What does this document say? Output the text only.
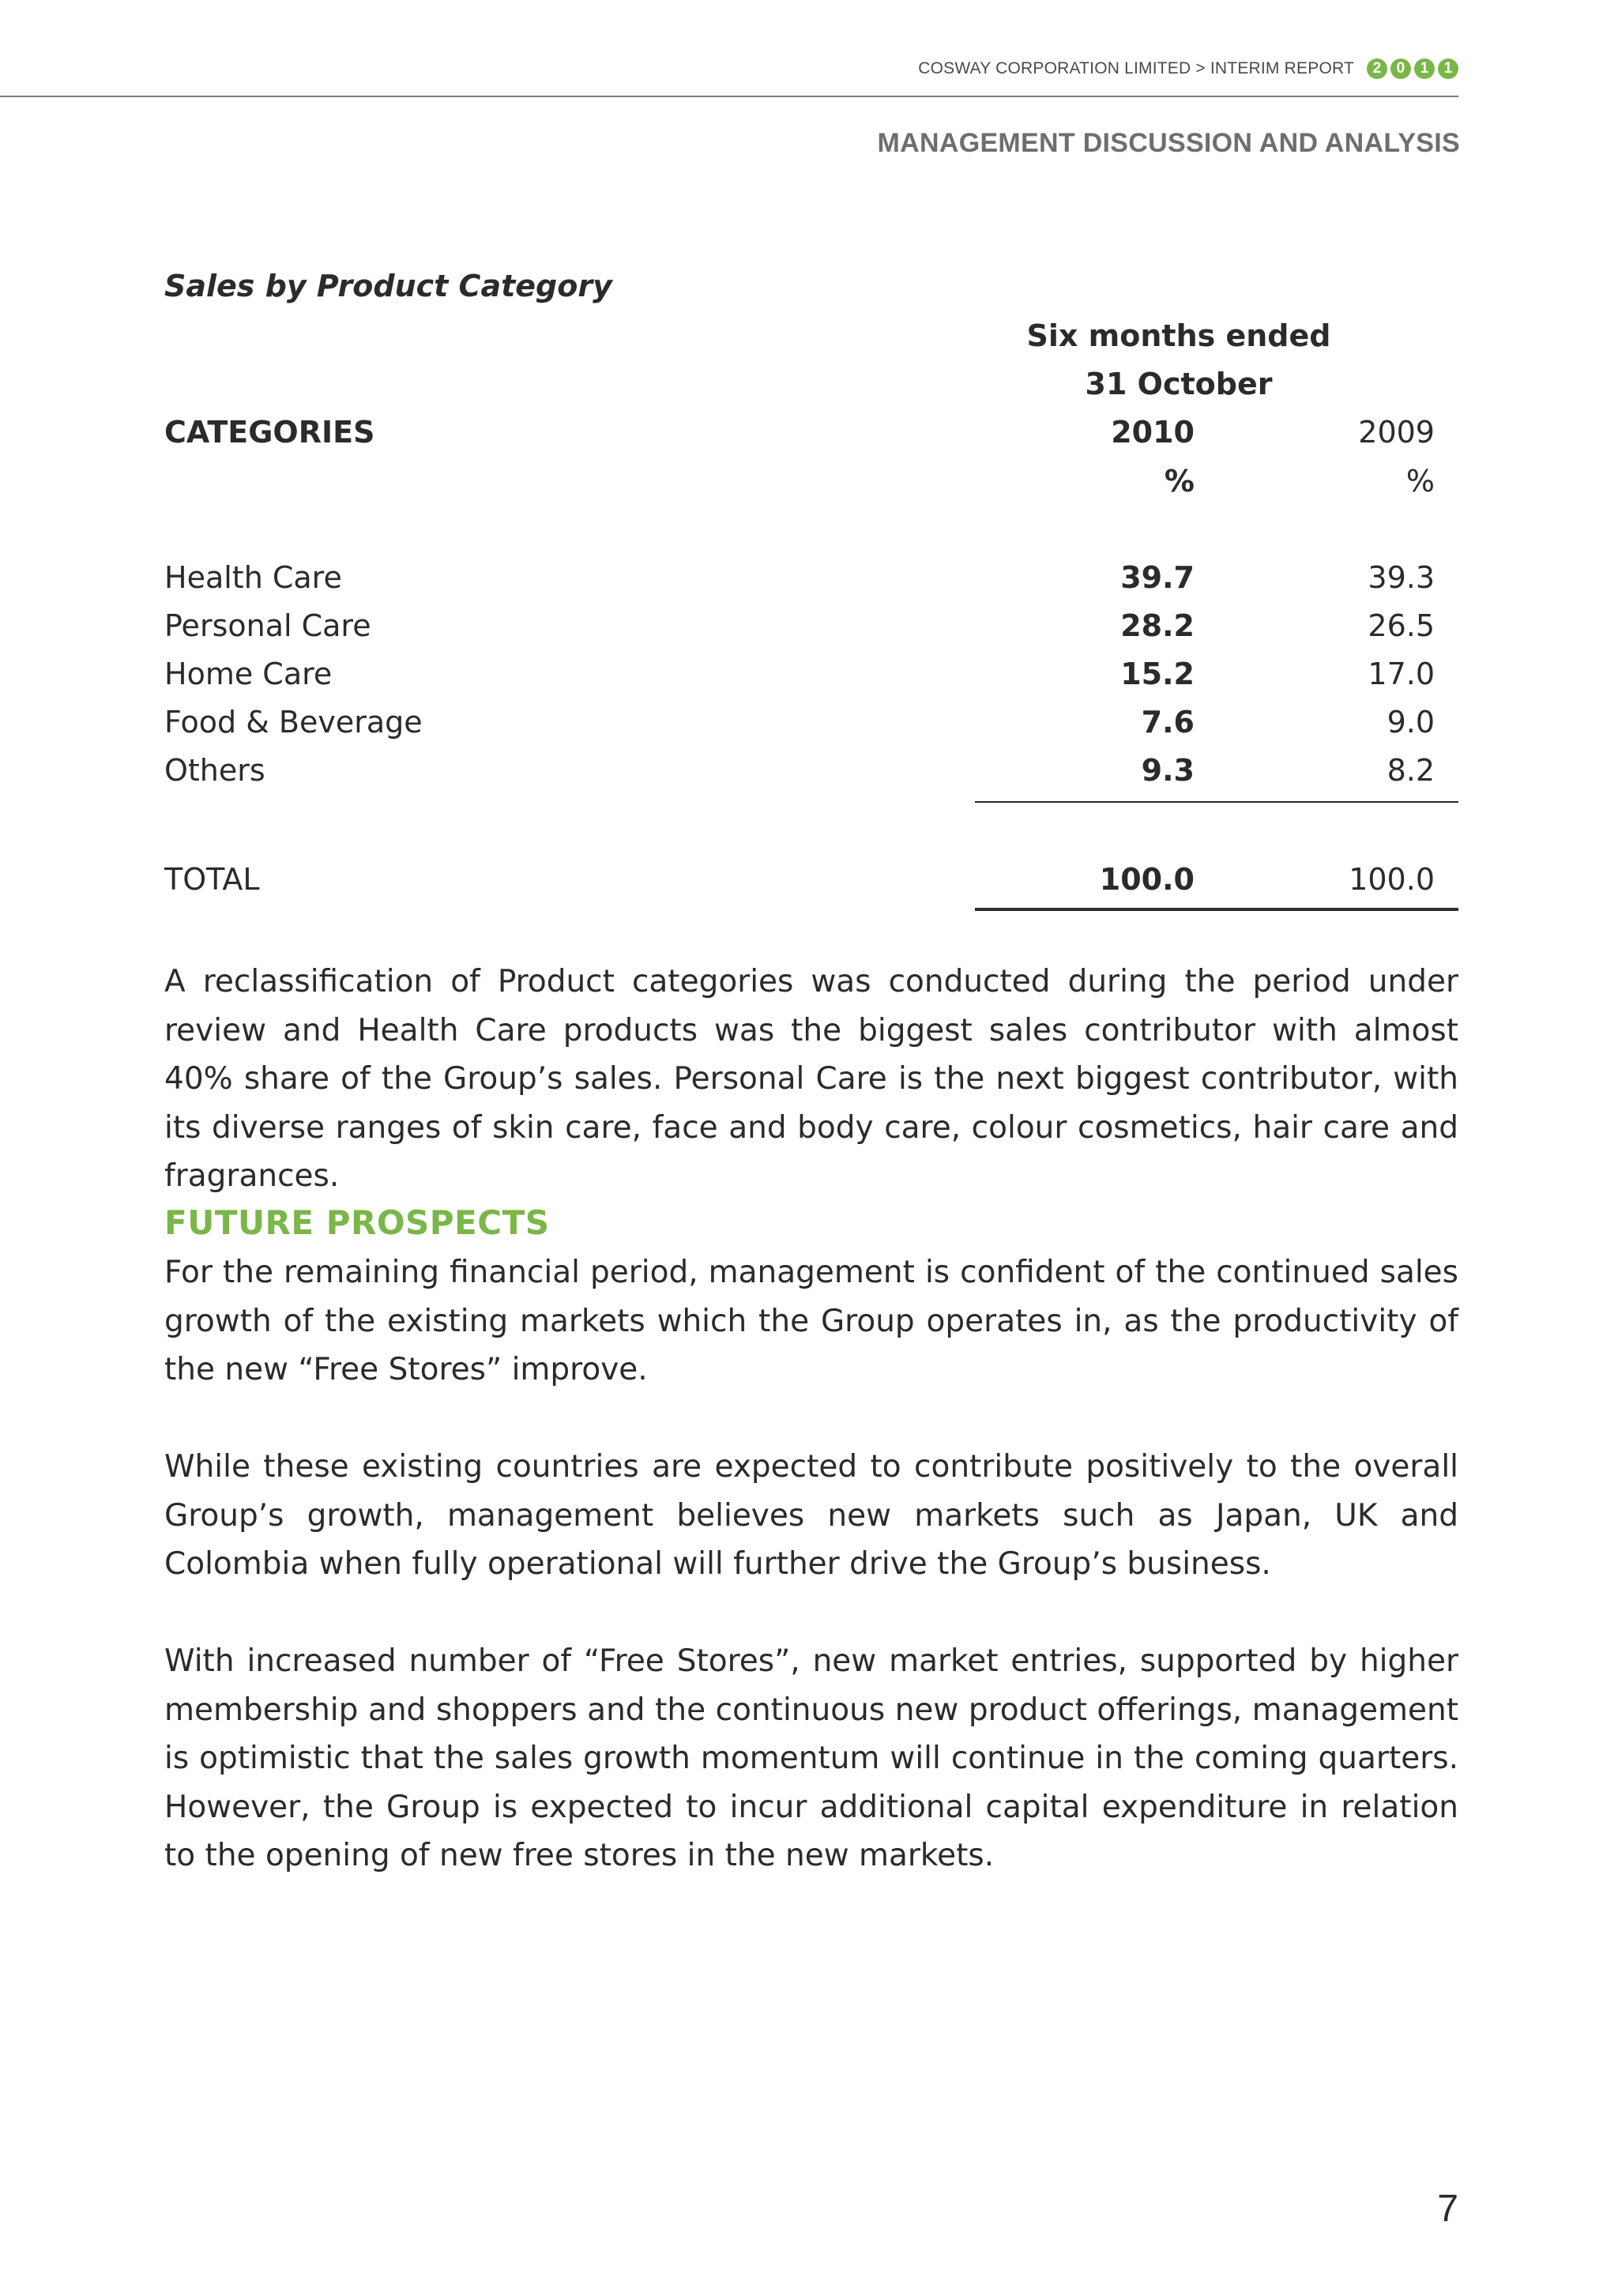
COSWAY CORPORATION LIMITED > INTERIM REPORT	2	0	1	1
MANAGEMENT DISCUSSION AND ANALYSIS
Sales by Product Category
Six months ended
31 October
CATEGORIES	2010	2009
%	%
Health Care	39.7	39.3
Personal Care	28.2	26.5
Home Care	15.2	17.0
Food & Beverage	7.6	9.0
Others	9.3	8.2
TOTAL	100.0	100.0

A reclassification of Product categories was conducted during the period under review and Health Care products was the biggest sales contributor with almost 40% share of the Group’s sales. Personal Care is the next biggest contributor, with its diverse ranges of skin care, face and body care, colour cosmetics, hair care and fragrances.

FUTURE PROSPECTS

For the remaining financial period, management is confident of the continued sales growth of the existing markets which the Group operates in, as the productivity of the new “Free Stores” improve.

While these existing countries are expected to contribute positively to the overall Group’s growth, management believes new markets such as Japan, UK and Colombia when fully operational will further drive the Group’s business.

With increased number of “Free Stores”, new market entries, supported by higher membership and shoppers and the continuous new product offerings, management is optimistic that the sales growth momentum will continue in the coming quarters. However, the Group is expected to incur additional capital expenditure in relation to the opening of new free stores in the new markets.

7
